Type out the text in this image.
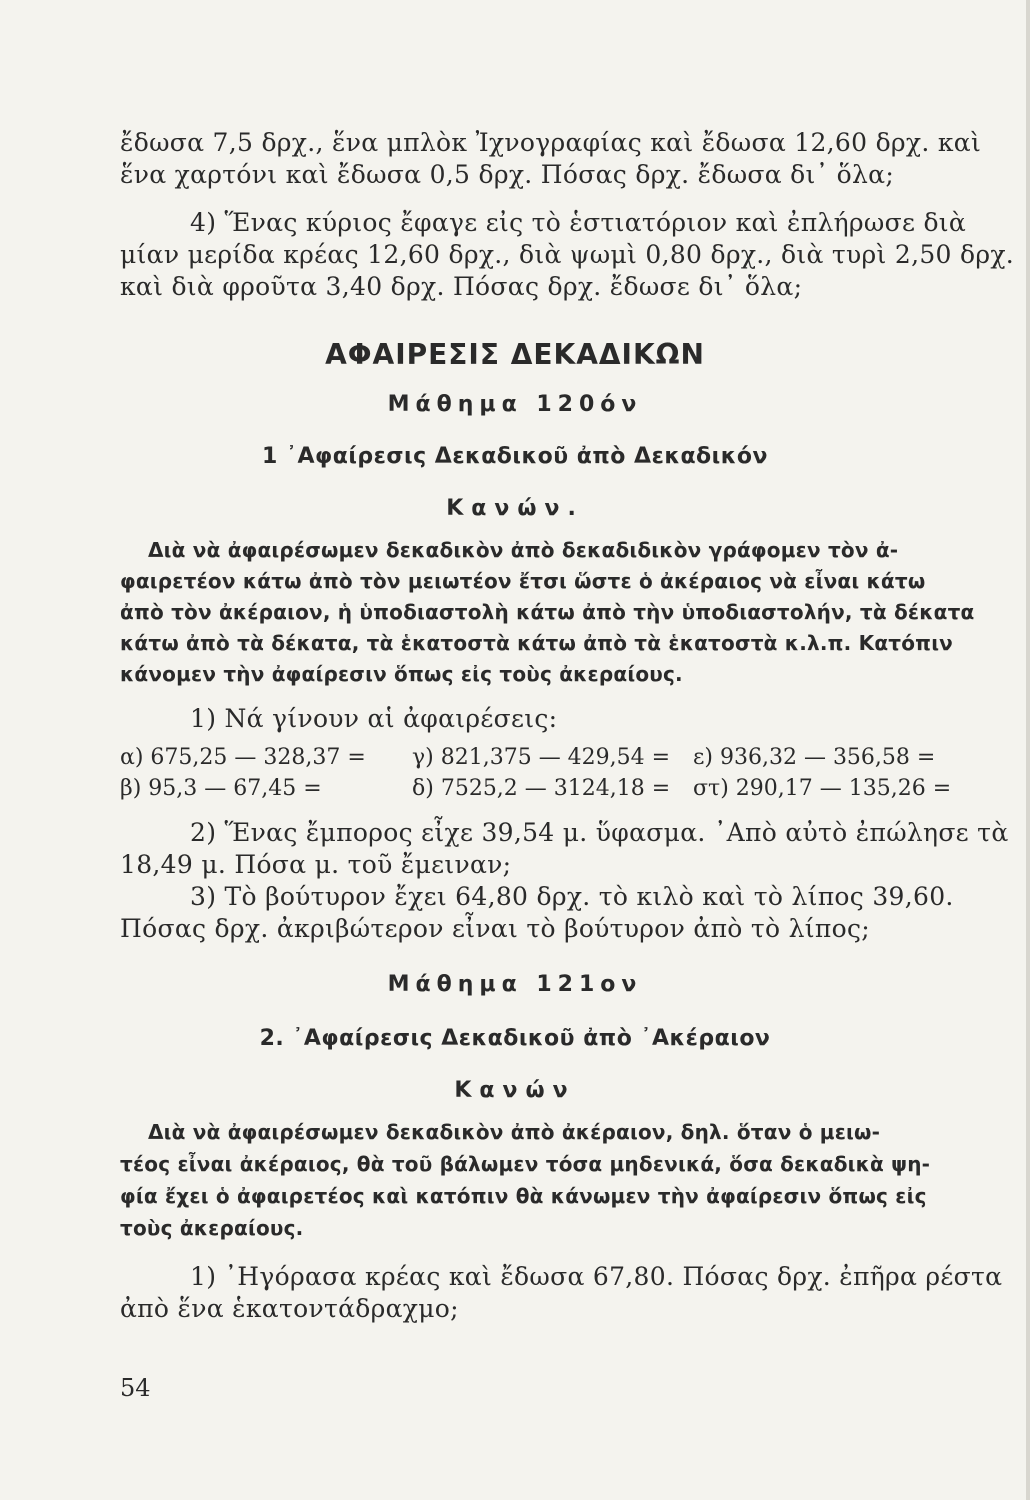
ἔδωσα 7,5 δρχ., ἕνα μπλὸκ Ἰχνογραφίας καὶ ἔδωσα 12,60 δρχ. καὶ
ἕνα χαρτόνι καὶ ἔδωσα 0,5 δρχ. Πόσας δρχ. ἔδωσα δι᾽ ὅλα;
4) Ἕνας κύριος ἔφαγε εἰς τὸ ἑστιατόριον καὶ ἐπλήρωσε διὰ
μίαν μερίδα κρέας 12,60 δρχ., διὰ ψωμὶ 0,80 δρχ., διὰ τυρὶ 2,50 δρχ.
καὶ διὰ φροῦτα 3,40 δρχ. Πόσας δρχ. ἔδωσε δι᾽ ὅλα;
ΑΦΑΙΡΕΣΙΣ ΔΕΚΑΔΙΚΩΝ
Μάθημα 120όν
1 ᾿Αφαίρεσις Δεκαδικοῦ ἀπὸ Δεκαδικόν
Κανών.
Διὰ νὰ ἀφαιρέσωμεν δεκαδικὸν ἀπὸ δεκαδιδικὸν γράφομεν τὸν ἀ-
φαιρετέον κάτω ἀπὸ τὸν μειωτέον ἔτσι ὥστε ὁ ἀκέραιος νὰ εἶναι κάτω
ἀπὸ τὸν ἀκέραιον, ἡ ὑποδιαστολὴ κάτω ἀπὸ τὴν ὑποδιαστολήν, τὰ δέκατα
κάτω ἀπὸ τὰ δέκατα, τὰ ἑκατοστὰ κάτω ἀπὸ τὰ ἑκατοστὰ κ.λ.π. Κατόπιν
κάνομεν τὴν ἀφαίρεσιν ὅπως εἰς τοὺς ἀκεραίους.
1) Νά γίνουν αἱ ἀφαιρέσεις:
α) 675,25 — 328,37 = γ) 821,375 — 429,54 = ε) 936,32 — 356,58 =
β) 95,3 — 67,45 =	δ) 7525,2 — 3124,18 = στ) 290,17 — 135,26 =
2) Ἕνας ἔμπορος εἶχε 39,54 μ. ὕφασμα. ᾿Απὸ αὐτὸ ἐπώλησε τὰ
18,49 μ. Πόσα μ. τοῦ ἔμειναν;
3) Τὸ βούτυρον ἔχει 64,80 δρχ. τὸ κιλὸ καὶ τὸ λίπος 39,60.
Πόσας δρχ. ἀκριβώτερον εἶναι τὸ βούτυρον ἀπὸ τὸ λίπος;
Μάθημα 121ον
2. ᾿Αφαίρεσις Δεκαδικοῦ ἀπὸ ᾿Ακέραιον
Κανών
Διὰ νὰ ἀφαιρέσωμεν δεκαδικὸν ἀπὸ ἀκέραιον, δηλ. ὅταν ὁ μειω-
τέος εἶναι ἀκέραιος, θὰ τοῦ βάλωμεν τόσα μηδενικά, ὅσα δεκαδικὰ ψη-
φία ἔχει ὁ ἀφαιρετέος καὶ κατόπιν θὰ κάνωμεν τὴν ἀφαίρεσιν ὅπως εἰς
τοὺς ἀκεραίους.
1) ᾿Ηγόρασα κρέας καὶ ἔδωσα 67,80. Πόσας δρχ. ἐπῆρα ρέστα
ἀπὸ ἕνα ἑκατοντάδραχμο;
54
